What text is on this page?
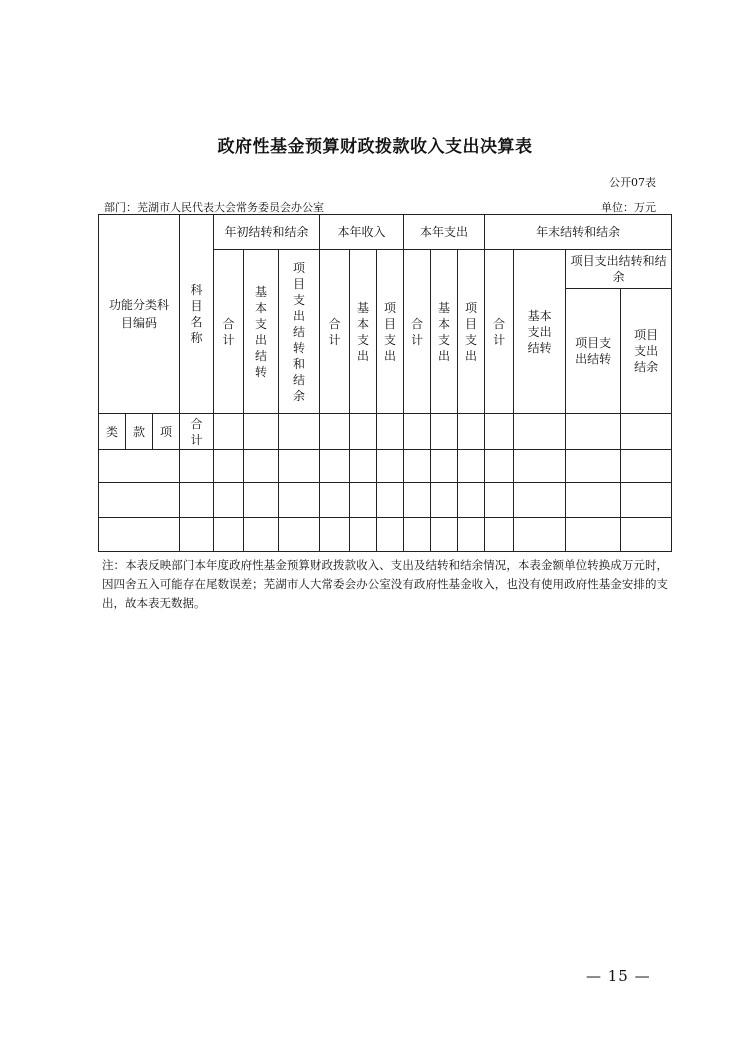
政府性基金预算财政拨款收入支出决算表
公开07表
部门：芜湖市人民代表大会常务委员会办公室	单位：万元
功能分类科目编码			科目名称	年初结转和结余			本年收入			本年支出			年末结转和结余			
				合计	基本支出结转	项目支出结转和结余	合计	基本支出	项目支出	合计	基本支出	项目支出	合计	基本支出结转	项目支出结转和结余	
															项目支出结转	项目支出结余
类	款	项	合计													

注：本表反映部门本年度政府性基金预算财政拨款收入、支出及结转和结余情况，本表金额单位转换成万元时，因四舍五入可能存在尾数误差；芜湖市人大常委会办公室没有政府性基金收入，也没有使用政府性基金安排的支出，故本表无数据。
— 15 —
